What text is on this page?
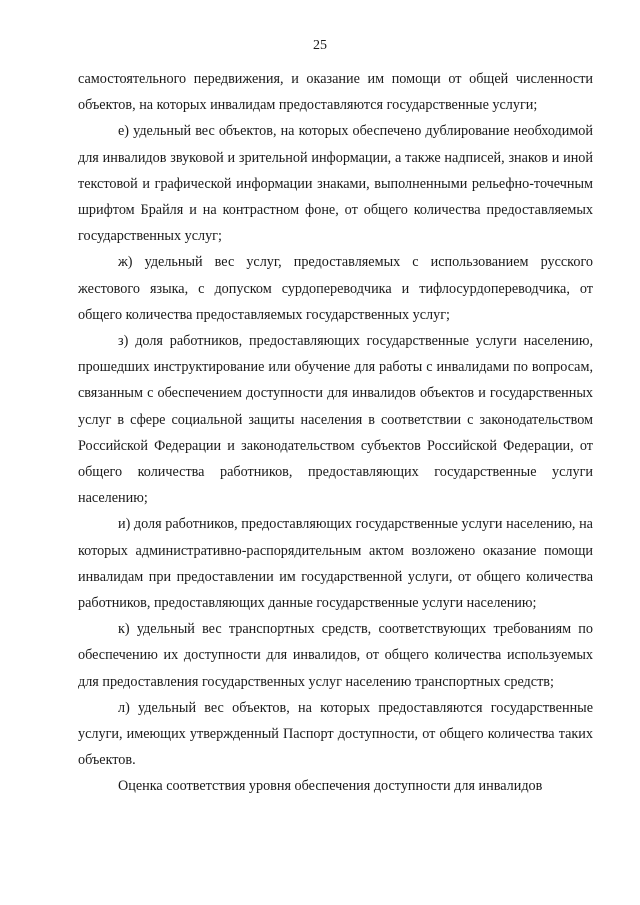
25

самостоятельного передвижения, и оказание им помощи от общей численности объектов, на которых инвалидам предоставляются государственные услуги;

е) удельный вес объектов, на которых обеспечено дублирование необходимой для инвалидов звуковой и зрительной информации, а также надписей, знаков и иной текстовой и графической информации знаками, выполненными рельефно-точечным шрифтом Брайля и на контрастном фоне, от общего количества предоставляемых государственных услуг;

ж) удельный вес услуг, предоставляемых с использованием русского жестового языка, с допуском сурдопереводчика и тифлосурдопереводчика, от общего количества предоставляемых государственных услуг;

з) доля работников, предоставляющих государственные услуги населению, прошедших инструктирование или обучение для работы с инвалидами по вопросам, связанным с обеспечением доступности для инвалидов объектов и государственных услуг в сфере социальной защиты населения в соответствии с законодательством Российской Федерации и законодательством субъектов Российской Федерации, от общего количества работников, предоставляющих государственные услуги населению;

и) доля работников, предоставляющих государственные услуги населению, на которых административно-распорядительным актом возложено оказание помощи инвалидам при предоставлении им государственной услуги, от общего количества работников, предоставляющих данные государственные услуги населению;

к) удельный вес транспортных средств, соответствующих требованиям по обеспечению их доступности для инвалидов, от общего количества используемых для предоставления государственных услуг населению транспортных средств;

л) удельный вес объектов, на которых предоставляются государственные услуги, имеющих утвержденный Паспорт доступности, от общего количества таких объектов.

Оценка соответствия уровня обеспечения доступности для инвалидов
